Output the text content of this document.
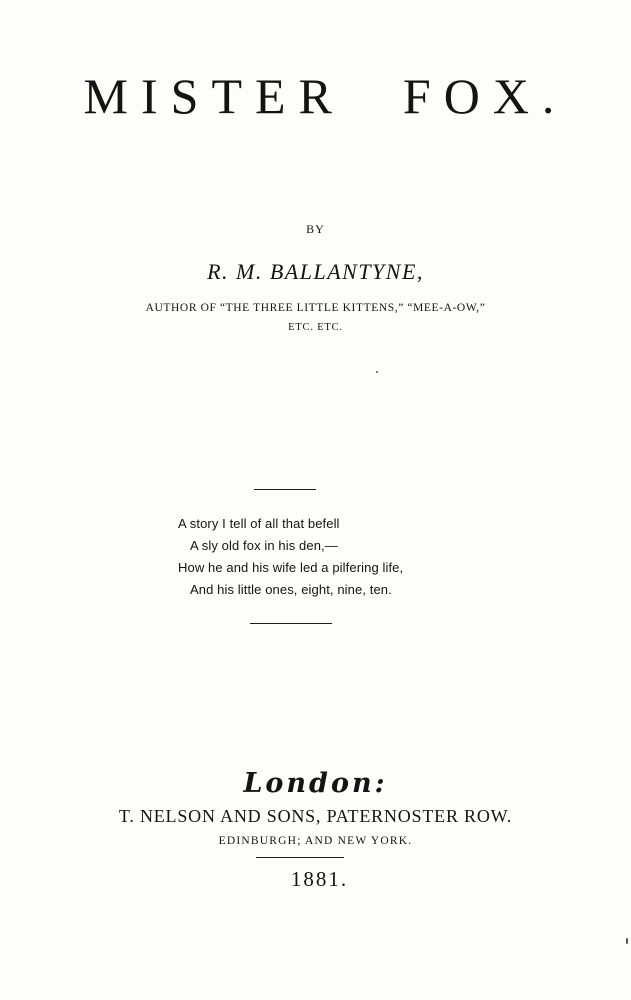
MISTER FOX.
BY
R. M. BALLANTYNE,
AUTHOR OF “THE THREE LITTLE KITTENS,” “MEE-A-OW,”
ETC. ETC.
A story I tell of all that befell
A sly old fox in his den,—
How he and his wife led a pilfering life,
And his little ones, eight, nine, ten.
London:
T. NELSON AND SONS, PATERNOSTER ROW.
EDINBURGH; AND NEW YORK.
1881.
